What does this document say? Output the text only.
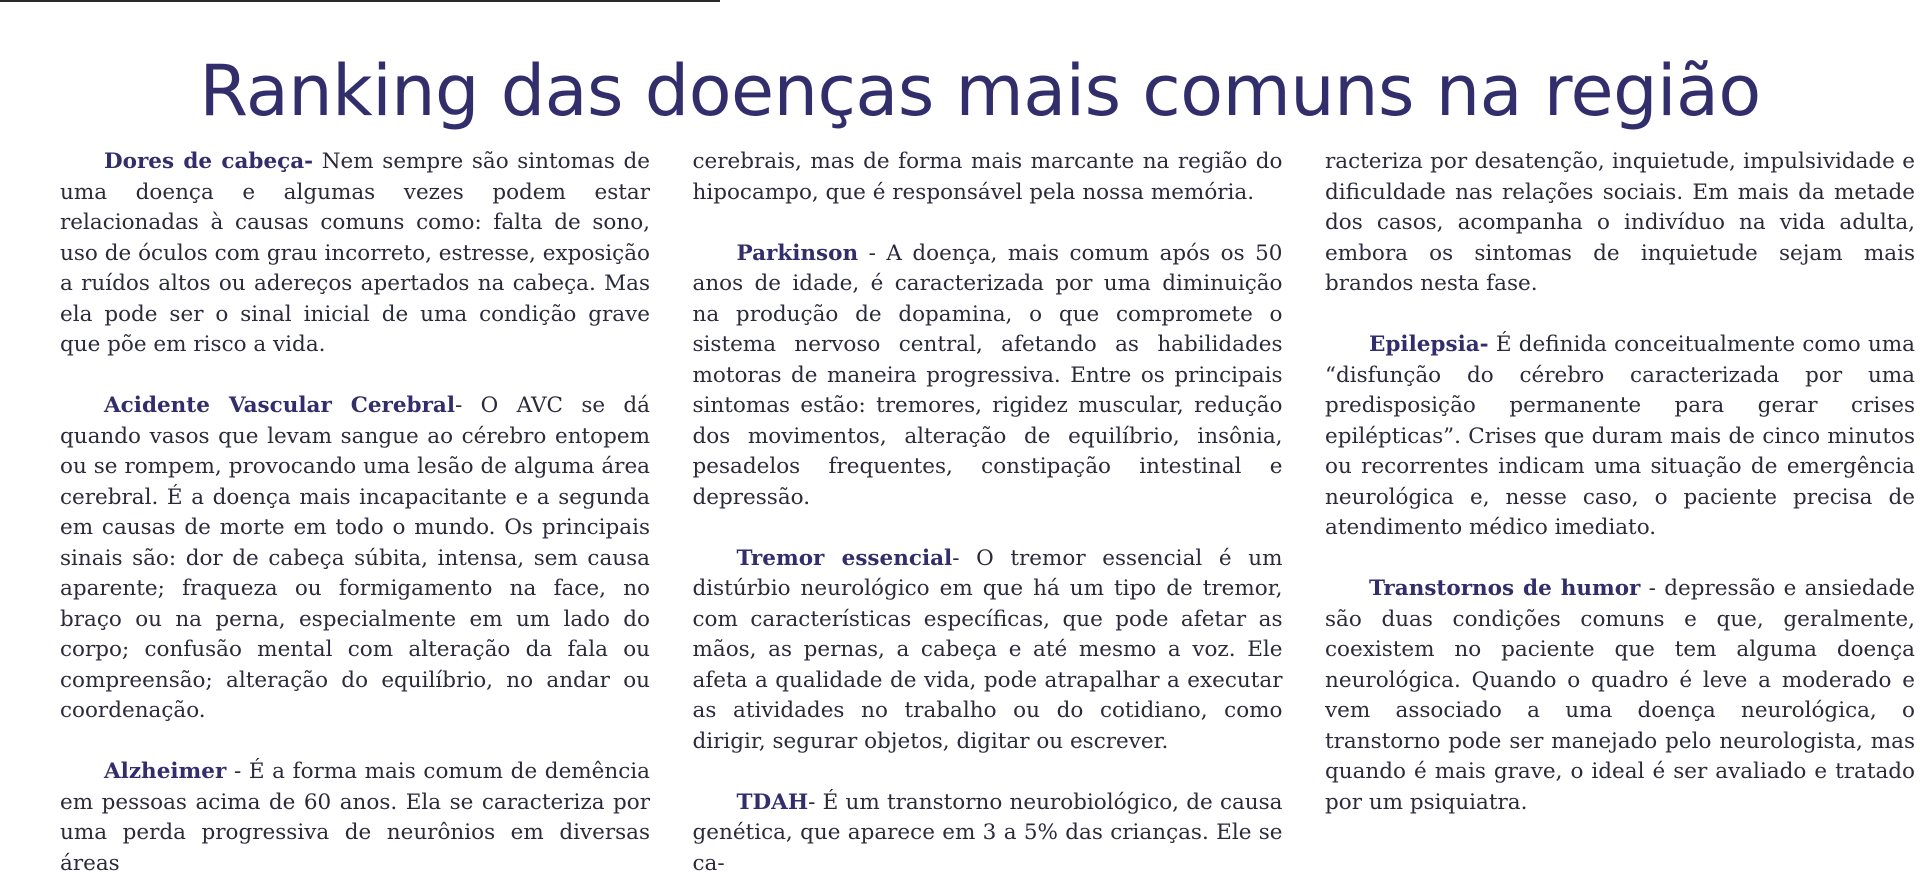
Ranking das doenças mais comuns na região

Dores de cabeça- Nem sempre são sintomas de uma doença e algumas vezes podem estar relacionadas à causas comuns como: falta de sono, uso de óculos com grau incorreto, estresse, exposição a ruídos altos ou adereços apertados na cabeça. Mas ela pode ser o sinal inicial de uma condição grave que põe em risco a vida.

Acidente Vascular Cerebral- O AVC se dá quando vasos que levam sangue ao cérebro entopem ou se rompem, provocando uma lesão de alguma área cerebral. É a doença mais incapacitante e a segunda em causas de morte em todo o mundo. Os principais sinais são: dor de cabeça súbita, intensa, sem causa aparente; fraqueza ou formigamento na face, no braço ou na perna, especialmente em um lado do corpo; confusão mental com alteração da fala ou compreensão; alteração do equilíbrio, no andar ou coordenação.

Alzheimer - É a forma mais comum de demência em pessoas acima de 60 anos. Ela se caracteriza por uma perda progressiva de neurônios em diversas áreas

cerebrais, mas de forma mais marcante na região do hipocampo, que é responsável pela nossa memória.

Parkinson - A doença, mais comum após os 50 anos de idade, é caracterizada por uma diminuição na produção de dopamina, o que compromete o sistema nervoso central, afetando as habilidades motoras de maneira progressiva. Entre os principais sintomas estão: tremores, rigidez muscular, redução dos movimentos, alteração de equilíbrio, insônia, pesadelos frequentes, constipação intestinal e depressão.

Tremor essencial- O tremor essencial é um distúrbio neurológico em que há um tipo de tremor, com características específicas, que pode afetar as mãos, as pernas, a cabeça e até mesmo a voz. Ele afeta a qualidade de vida, pode atrapalhar a executar as atividades no trabalho ou do cotidiano, como dirigir, segurar objetos, digitar ou escrever.

TDAH- É um transtorno neurobiológico, de causa genética, que aparece em 3 a 5% das crianças. Ele se ca-

racteriza por desatenção, inquietude, impulsividade e dificuldade nas relações sociais. Em mais da metade dos casos, acompanha o indivíduo na vida adulta, embora os sintomas de inquietude sejam mais brandos nesta fase.

Epilepsia- É definida conceitualmente como uma “disfunção do cérebro caracterizada por uma predisposição permanente para gerar crises epilépticas”. Crises que duram mais de cinco minutos ou recorrentes indicam uma situação de emergência neurológica e, nesse caso, o paciente precisa de atendimento médico imediato.

Transtornos de humor - depressão e ansiedade são duas condições comuns e que, geralmente, coexistem no paciente que tem alguma doença neurológica. Quando o quadro é leve a moderado e vem associado a uma doença neurológica, o transtorno pode ser manejado pelo neurologista, mas quando é mais grave, o ideal é ser avaliado e tratado por um psiquiatra.
